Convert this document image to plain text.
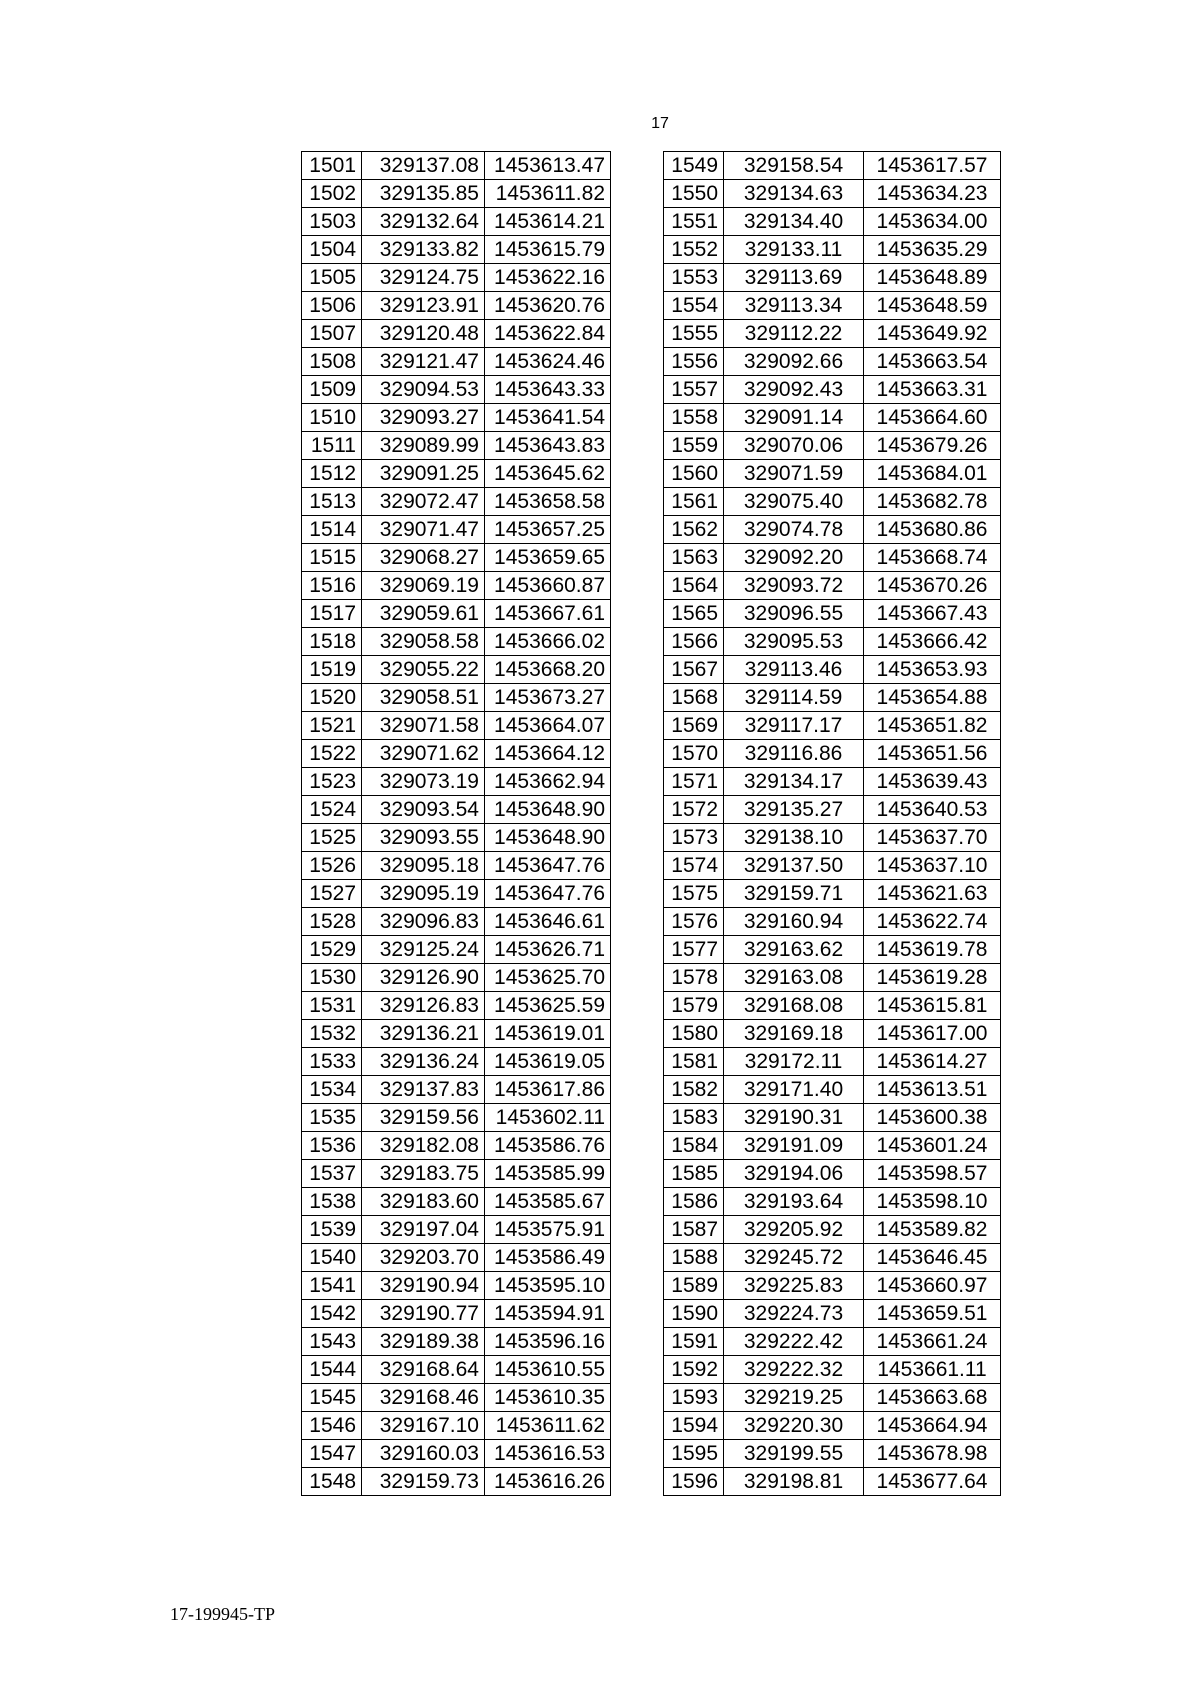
17
1501	329137.08	1453613.47
1502	329135.85	1453611.82
1503	329132.64	1453614.21
1504	329133.82	1453615.79
1505	329124.75	1453622.16
1506	329123.91	1453620.76
1507	329120.48	1453622.84
1508	329121.47	1453624.46
1509	329094.53	1453643.33
1510	329093.27	1453641.54
1511	329089.99	1453643.83
1512	329091.25	1453645.62
1513	329072.47	1453658.58
1514	329071.47	1453657.25
1515	329068.27	1453659.65
1516	329069.19	1453660.87
1517	329059.61	1453667.61
1518	329058.58	1453666.02
1519	329055.22	1453668.20
1520	329058.51	1453673.27
1521	329071.58	1453664.07
1522	329071.62	1453664.12
1523	329073.19	1453662.94
1524	329093.54	1453648.90
1525	329093.55	1453648.90
1526	329095.18	1453647.76
1527	329095.19	1453647.76
1528	329096.83	1453646.61
1529	329125.24	1453626.71
1530	329126.90	1453625.70
1531	329126.83	1453625.59
1532	329136.21	1453619.01
1533	329136.24	1453619.05
1534	329137.83	1453617.86
1535	329159.56	1453602.11
1536	329182.08	1453586.76
1537	329183.75	1453585.99
1538	329183.60	1453585.67
1539	329197.04	1453575.91
1540	329203.70	1453586.49
1541	329190.94	1453595.10
1542	329190.77	1453594.91
1543	329189.38	1453596.16
1544	329168.64	1453610.55
1545	329168.46	1453610.35
1546	329167.10	1453611.62
1547	329160.03	1453616.53
1548	329159.73	1453616.26
1549	329158.54	1453617.57
1550	329134.63	1453634.23
1551	329134.40	1453634.00
1552	329133.11	1453635.29
1553	329113.69	1453648.89
1554	329113.34	1453648.59
1555	329112.22	1453649.92
1556	329092.66	1453663.54
1557	329092.43	1453663.31
1558	329091.14	1453664.60
1559	329070.06	1453679.26
1560	329071.59	1453684.01
1561	329075.40	1453682.78
1562	329074.78	1453680.86
1563	329092.20	1453668.74
1564	329093.72	1453670.26
1565	329096.55	1453667.43
1566	329095.53	1453666.42
1567	329113.46	1453653.93
1568	329114.59	1453654.88
1569	329117.17	1453651.82
1570	329116.86	1453651.56
1571	329134.17	1453639.43
1572	329135.27	1453640.53
1573	329138.10	1453637.70
1574	329137.50	1453637.10
1575	329159.71	1453621.63
1576	329160.94	1453622.74
1577	329163.62	1453619.78
1578	329163.08	1453619.28
1579	329168.08	1453615.81
1580	329169.18	1453617.00
1581	329172.11	1453614.27
1582	329171.40	1453613.51
1583	329190.31	1453600.38
1584	329191.09	1453601.24
1585	329194.06	1453598.57
1586	329193.64	1453598.10
1587	329205.92	1453589.82
1588	329245.72	1453646.45
1589	329225.83	1453660.97
1590	329224.73	1453659.51
1591	329222.42	1453661.24
1592	329222.32	1453661.11
1593	329219.25	1453663.68
1594	329220.30	1453664.94
1595	329199.55	1453678.98
1596	329198.81	1453677.64
17-199945-TP
